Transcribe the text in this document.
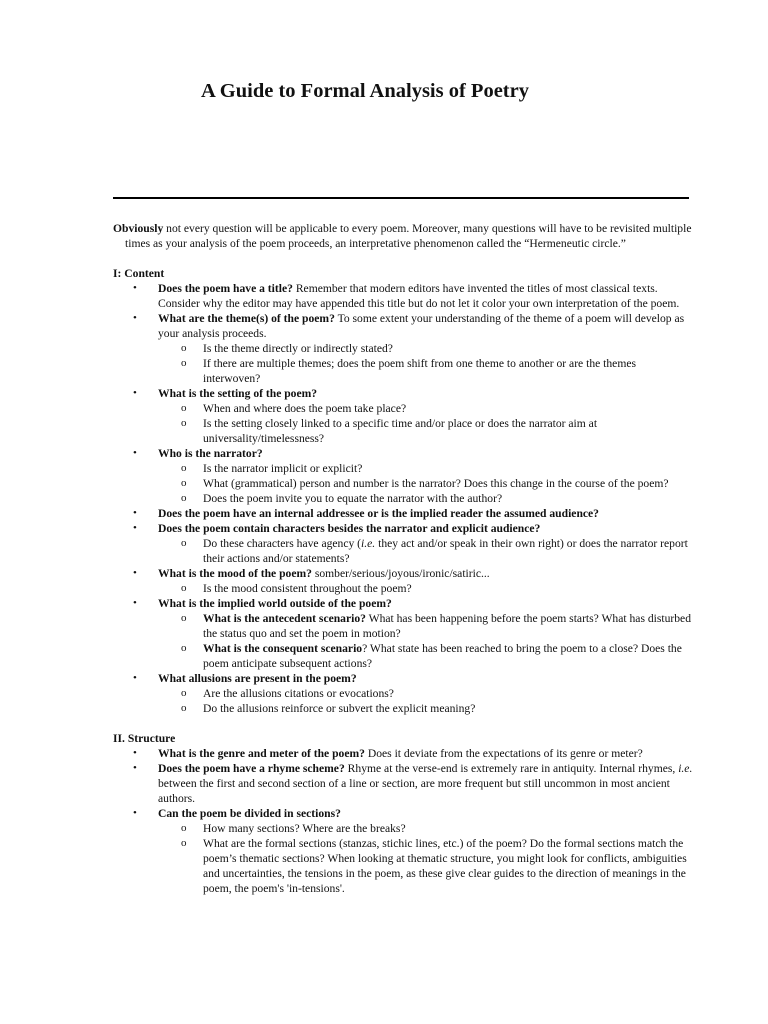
A Guide to Formal Analysis of Poetry

Obviously not every question will be applicable to every poem. Moreover, many questions will have to be revisited multiple times as your analysis of the poem proceeds, an interpretative phenomenon called the “Hermeneutic circle.”

I: Content

• Does the poem have a title? Remember that modern editors have invented the titles of most classical texts. Consider why the editor may have appended this title but do not let it color your own interpretation of the poem.
• What are the theme(s) of the poem? To some extent your understanding of the theme of a poem will develop as your analysis proceeds.
o Is the theme directly or indirectly stated?
o If there are multiple themes; does the poem shift from one theme to another or are the themes interwoven?
• What is the setting of the poem?
o When and where does the poem take place?
o Is the setting closely linked to a specific time and/or place or does the narrator aim at universality/timelessness?
• Who is the narrator?
o Is the narrator implicit or explicit?
o What (grammatical) person and number is the narrator? Does this change in the course of the poem?
o Does the poem invite you to equate the narrator with the author?
• Does the poem have an internal addressee or is the implied reader the assumed audience?
• Does the poem contain characters besides the narrator and explicit audience?
o Do these characters have agency (i.e. they act and/or speak in their own right) or does the narrator report their actions and/or statements?
• What is the mood of the poem? somber/serious/joyous/ironic/satiric...
o Is the mood consistent throughout the poem?
• What is the implied world outside of the poem?
o What is the antecedent scenario? What has been happening before the poem starts? What has disturbed the status quo and set the poem in motion?
o What is the consequent scenario? What state has been reached to bring the poem to a close? Does the poem anticipate subsequent actions?
• What allusions are present in the poem?
o Are the allusions citations or evocations?
o Do the allusions reinforce or subvert the explicit meaning?

II. Structure

• What is the genre and meter of the poem? Does it deviate from the expectations of its genre or meter?
• Does the poem have a rhyme scheme? Rhyme at the verse-end is extremely rare in antiquity. Internal rhymes, i.e. between the first and second section of a line or section, are more frequent but still uncommon in most ancient authors.
• Can the poem be divided in sections?
o How many sections? Where are the breaks?
o What are the formal sections (stanzas, stichic lines, etc.) of the poem? Do the formal sections match the poem’s thematic sections? When looking at thematic structure, you might look for conflicts, ambiguities and uncertainties, the tensions in the poem, as these give clear guides to the direction of meanings in the poem, the poem's 'in-tensions'.
